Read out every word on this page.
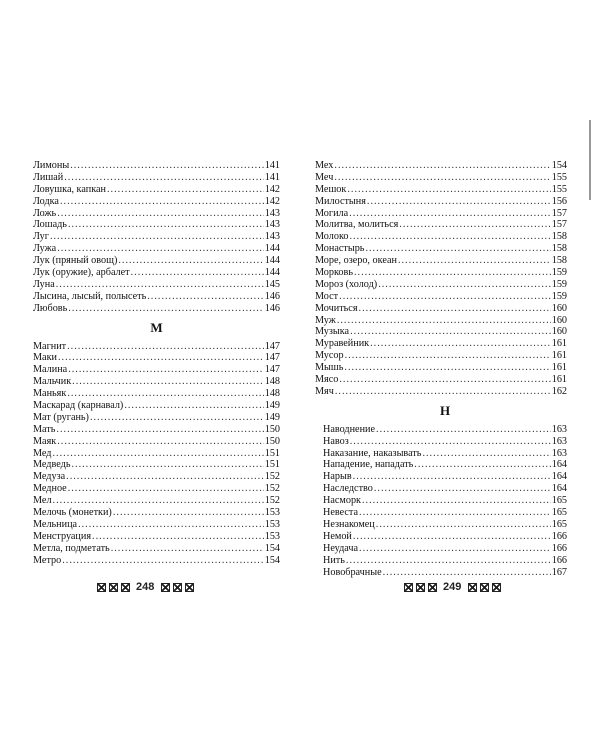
Лимоны .....	141
Лишай .....	141
Ловушка, капкан .....	142
Лодка .....	142
Ложь .....	143
Лошадь .....	143
Луг .....	143
Лужа .....	144
Лук (пряный овощ) .....	144
Лук (оружие), арбалет .....	144
Луна .....	145
Лысина, лысый, полысеть .....	146
Любовь .....	146
М
Магнит .....	147
Маки .....	147
Малина .....	147
Мальчик .....	148
Маньяк .....	148
Маскарад (карнавал) .....	149
Мат (ругань) .....	149
Мать .....	150
Маяк .....	150
Мед .....	151
Медведь .....	151
Медуза .....	152
Медное .....	152
Мел .....	152
Мелочь (монетки) .....	153
Мельница .....	153
Менструация .....	153
Метла, подметать .....	154
Метро .....	154
Мех .....	154
Меч .....	155
Мешок .....	155
Милостыня .....	156
Могила .....	157
Молитва, молиться .....	157
Молоко .....	158
Монастырь .....	158
Море, озеро, океан .....	158
Морковь .....	159
Мороз (холод) .....	159
Мост .....	159
Мочиться .....	160
Муж .....	160
Музыка .....	160
Муравейник .....	161
Мусор .....	161
Мышь .....	161
Мясо .....	161
Мяч .....	162
Н
Наводнение .....	163
Навоз .....	163
Наказание, наказывать .....	163
Нападение, нападать .....	164
Нарыв .....	164
Наследство .....	164
Насморк .....	165
Невеста .....	165
Незнакомец .....	165
Немой .....	166
Неудача .....	166
Нить .....	166
Новобрачные .....	167
248	249
